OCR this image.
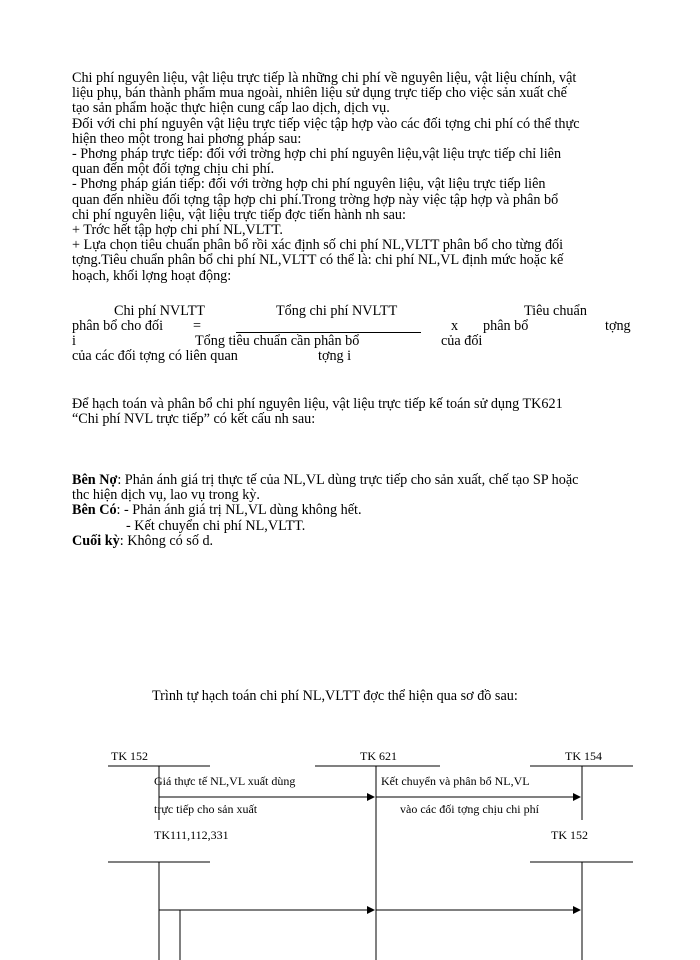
Chi phí nguyên liệu, vật liệu trực tiếp là những chi phí về nguyên liệu, vật liệu chính, vật
liệu phụ, bán thành phẩm mua ngoài, nhiên liệu sử dụng trực tiếp cho việc sản xuất chế
tạo sản phẩm hoặc thực hiện cung cấp lao dịch, dịch vụ.
Đối với chi phí nguyên vật liệu trực tiếp việc tập hợp vào các đối tợng chi phí có thể thực
hiện theo một trong hai phơng pháp sau:
- Phơng pháp trực tiếp: đối với trờng hợp chi phí nguyên liệu,vật liệu trực tiếp chỉ liên
quan đến một đối tợng chịu chi phí.
- Phơng pháp gián tiếp: đối với trờng hợp chi phí nguyên liệu, vật liệu trực tiếp liên
quan đến nhiều đối tợng tập hợp chi phí.Trong trờng hợp này việc tập hợp và phân bổ
chi phí nguyên liệu, vật liệu trực tiếp đợc tiến hành nh sau:
+ Trớc hết tập hợp chi phí NL,VLTT.
+ Lựa chọn tiêu chuẩn phân bổ rồi xác định số chi phí NL,VLTT phân bổ cho từng đối
tợng.Tiêu chuẩn phân bổ chi phí NL,VLTT có thể là: chi phí NL,VL định mức hoặc kế
hoạch, khối lợng hoạt động:
Chi phí NVLTT	Tổng chi phí NVLTT	Tiêu chuẩn
phân bổ cho đối =	x phân bổ	tợng
i	Tổng tiêu chuẩn cần phân bổ	của đối
của các đối tợng có liên quan	tợng i
Để hạch toán và phân bổ chi phí nguyên liệu, vật liệu trực tiếp kế toán sử dụng TK621
“Chi phí NVL trực tiếp” có kết cấu nh sau:
Bên Nợ: Phản ánh giá trị thực tế của NL,VL dùng trực tiếp cho sản xuất, chế tạo SP hoặc
thc hiện dịch vụ, lao vụ trong kỳ.
Bên Có: - Phản ánh giá trị NL,VL dùng không hết.
- Kết chuyển chi phí NL,VLTT.
Cuối kỳ: Không có số d.
Trình tự hạch toán chi phí NL,VLTT đợc thể hiện qua sơ đồ sau:
TK 152	TK 621	TK 154
Giá thực tế NL,VL xuất dùng
trực tiếp cho sản xuất
Kết chuyển và phân bổ NL,VL
vào các đối tợng chịu chi phí
TK111,112,331	TK 152
